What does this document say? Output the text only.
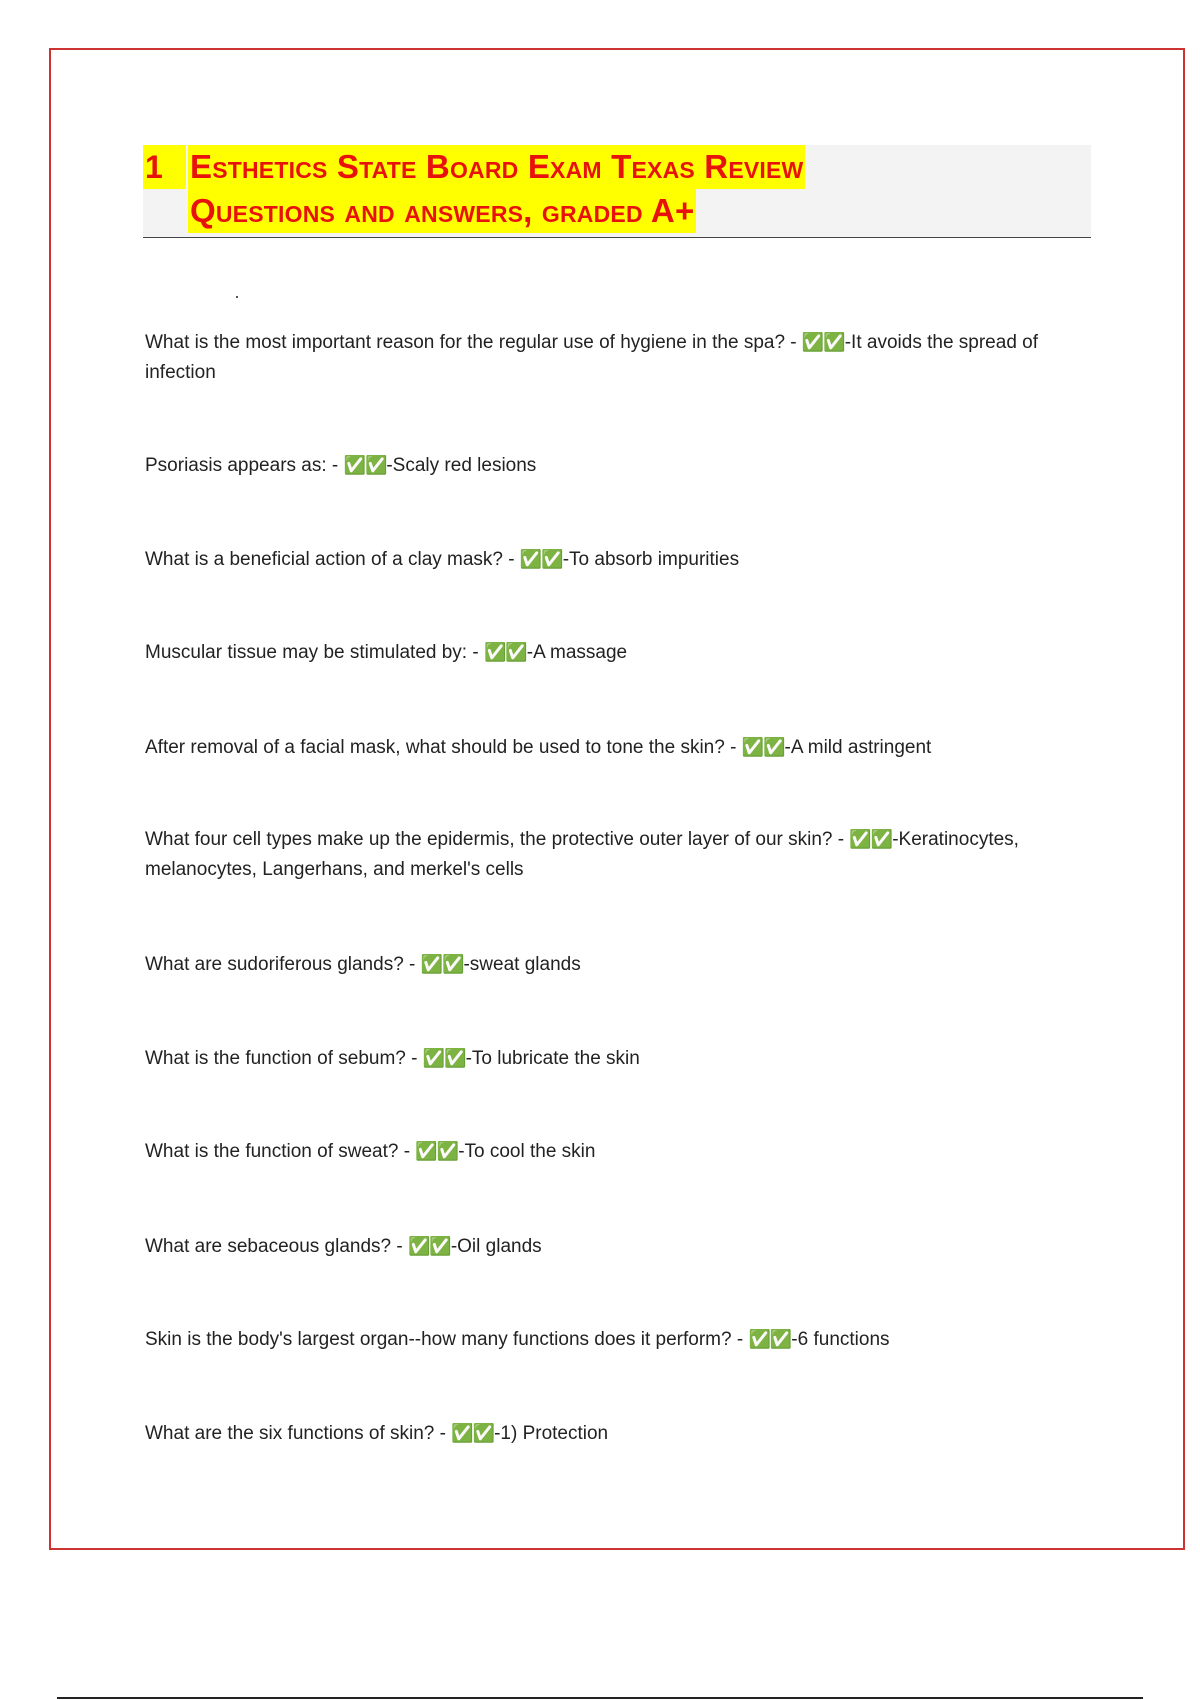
1 Esthetics State Board Exam Texas Review
Questions and answers, graded A+
What is the most important reason for the regular use of hygiene in the spa? - ✅✅-It avoids the spread of infection
Psoriasis appears as: - ✅✅-Scaly red lesions
What is a beneficial action of a clay mask? - ✅✅-To absorb impurities
Muscular tissue may be stimulated by: - ✅✅-A massage
After removal of a facial mask, what should be used to tone the skin? - ✅✅-A mild astringent
What four cell types make up the epidermis, the protective outer layer of our skin? - ✅✅-Keratinocytes, melanocytes, Langerhans, and merkel's cells
What are sudoriferous glands? - ✅✅-sweat glands
What is the function of sebum? - ✅✅-To lubricate the skin
What is the function of sweat? - ✅✅-To cool the skin
What are sebaceous glands? - ✅✅-Oil glands
Skin is the body's largest organ--how many functions does it perform? - ✅✅-6 functions
What are the six functions of skin? - ✅✅-1) Protection
